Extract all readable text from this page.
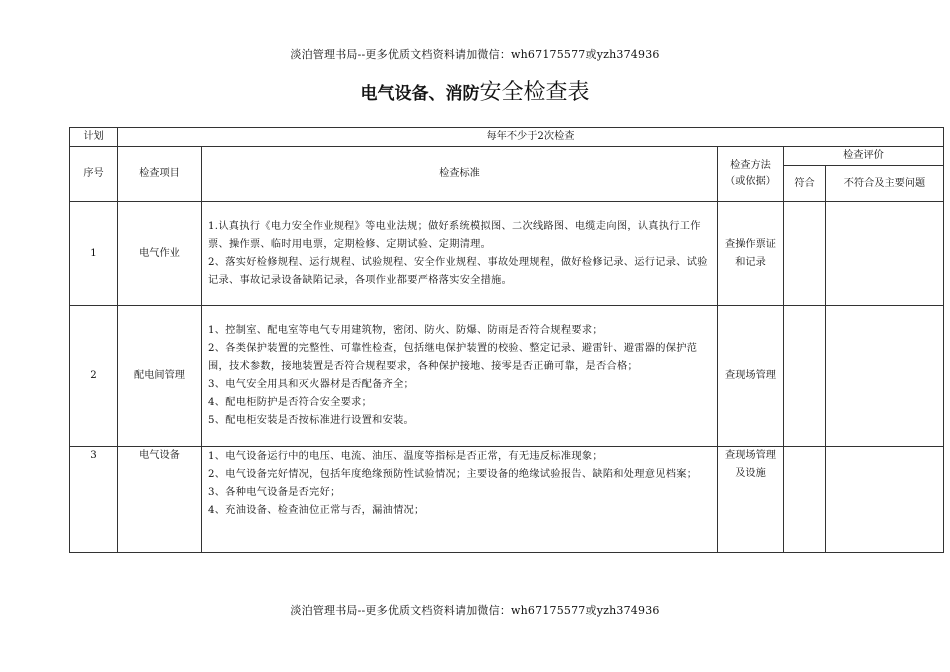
淡泊管理书局--更多优质文档资料请加微信：wh67175577或yzh374936
电气设备、消防安全检查表
计划	每年不少于2次检查				
序号	检查项目	检查标准	检查方法（或依据）	检查评价	
				符合	不符合及主要问题
1	电气作业	1.认真执行《电力安全作业规程》等电业法规；做好系统模拟图、二次线路图、电缆走向图，认真执行工作票、操作票、临时用电票，定期检修、定期试验、定期清理。
2、落实好检修规程、运行规程、试验规程、安全作业规程、事故处理规程，做好检修记录、运行记录、试验记录、事故记录设备缺陷记录，各项作业都要严格落实安全措施。	查操作票证和记录		
2	配电间管理	1、控制室、配电室等电气专用建筑物，密闭、防火、防爆、防雨是否符合规程要求；
2、各类保护装置的完整性、可靠性检查，包括继电保护装置的校验、整定记录、避雷针、避雷器的保护范围，技术参数，接地装置是否符合规程要求，各种保护接地、接零是否正确可靠，是否合格；
3、电气安全用具和灭火器材是否配备齐全；
4、配电柜防护是否符合安全要求；
5、配电柜安装是否按标准进行设置和安装。	查现场管理		
3	电气设备	1、电气设备运行中的电压、电流、油压、温度等指标是否正常，有无违反标准现象；
2、电气设备完好情况，包括年度绝缘预防性试验情况；主要设备的绝缘试验报告、缺陷和处理意见档案；
3、各种电气设备是否完好；
4、充油设备、检查油位正常与否，漏油情况；	查现场管理及设施		
淡泊管理书局--更多优质文档资料请加微信：wh67175577或yzh374936
